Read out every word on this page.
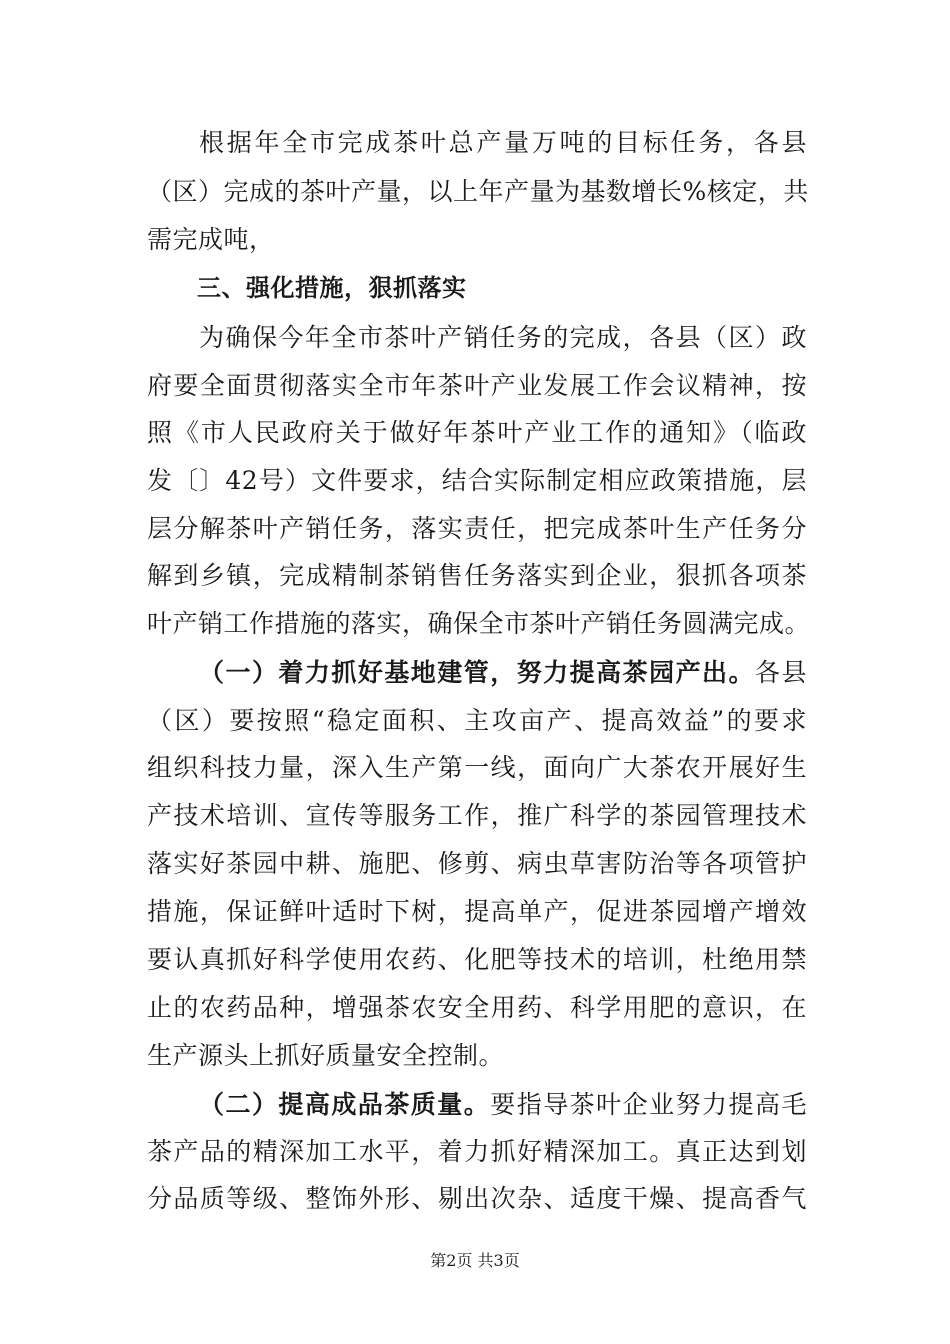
根据年全市完成茶叶总产量万吨的目标任务，各县
（区）完成的茶叶产量，以上年产量为基数增长%核定，共
需完成吨，
三、强化措施，狠抓落实
为确保今年全市茶叶产销任务的完成，各县（区）政
府要全面贯彻落实全市年茶叶产业发展工作会议精神，按
照《市人民政府关于做好年茶叶产业工作的通知》（临政
发〔〕42号）文件要求，结合实际制定相应政策措施，层
层分解茶叶产销任务，落实责任，把完成茶叶生产任务分
解到乡镇，完成精制茶销售任务落实到企业，狠抓各项茶
叶产销工作措施的落实，确保全市茶叶产销任务圆满完成。
（一）着力抓好基地建管，努力提高茶园产出。各县
（区）要按照“稳定面积、主攻亩产、提高效益”的要求
组织科技力量，深入生产第一线，面向广大茶农开展好生
产技术培训、宣传等服务工作，推广科学的茶园管理技术
落实好茶园中耕、施肥、修剪、病虫草害防治等各项管护
措施，保证鲜叶适时下树，提高单产，促进茶园增产增效
要认真抓好科学使用农药、化肥等技术的培训，杜绝用禁
止的农药品种，增强茶农安全用药、科学用肥的意识，在
生产源头上抓好质量安全控制。
（二）提高成品茶质量。要指导茶叶企业努力提高毛
茶产品的精深加工水平，着力抓好精深加工。真正达到划
分品质等级、整饰外形、剔出次杂、适度干燥、提高香气
第2页 共3页
